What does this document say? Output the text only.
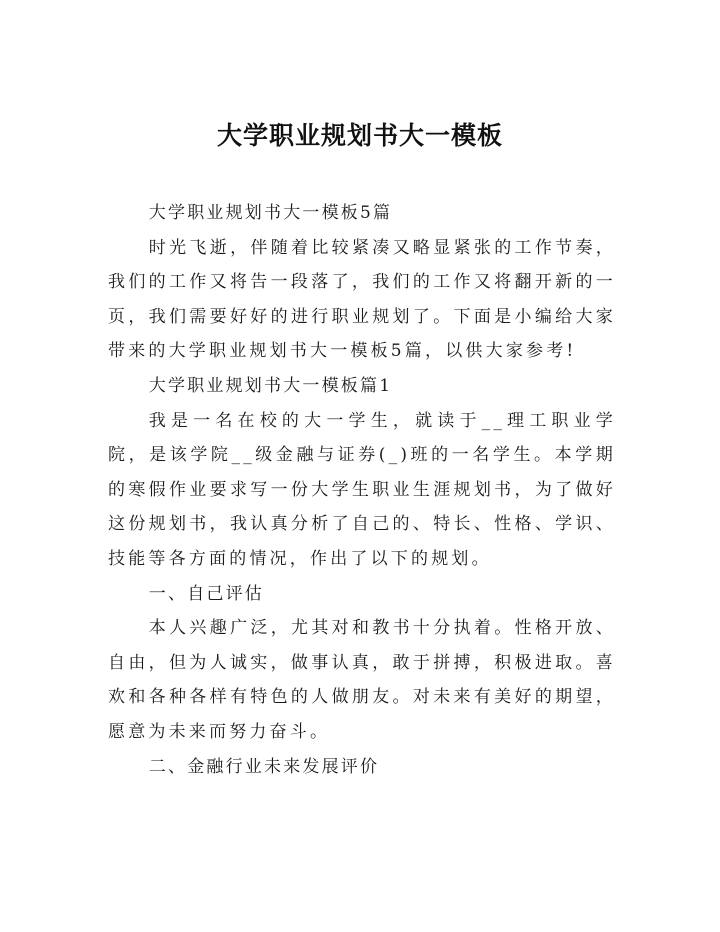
大学职业规划书大一模板

大学职业规划书大一模板5篇

时光飞逝，伴随着比较紧凑又略显紧张的工作节奏，我们的工作又将告一段落了，我们的工作又将翻开新的一页，我们需要好好的进行职业规划了。下面是小编给大家带来的大学职业规划书大一模板5篇，以供大家参考!

大学职业规划书大一模板篇1

我是一名在校的大一学生，就读于__理工职业学院，是该学院__级金融与证券(_)班的一名学生。本学期的寒假作业要求写一份大学生职业生涯规划书，为了做好这份规划书，我认真分析了自己的、特长、性格、学识、技能等各方面的情况，作出了以下的规划。

一、自己评估

本人兴趣广泛，尤其对和教书十分执着。性格开放、自由，但为人诚实，做事认真，敢于拼搏，积极进取。喜欢和各种各样有特色的人做朋友。对未来有美好的期望，愿意为未来而努力奋斗。

二、金融行业未来发展评价
